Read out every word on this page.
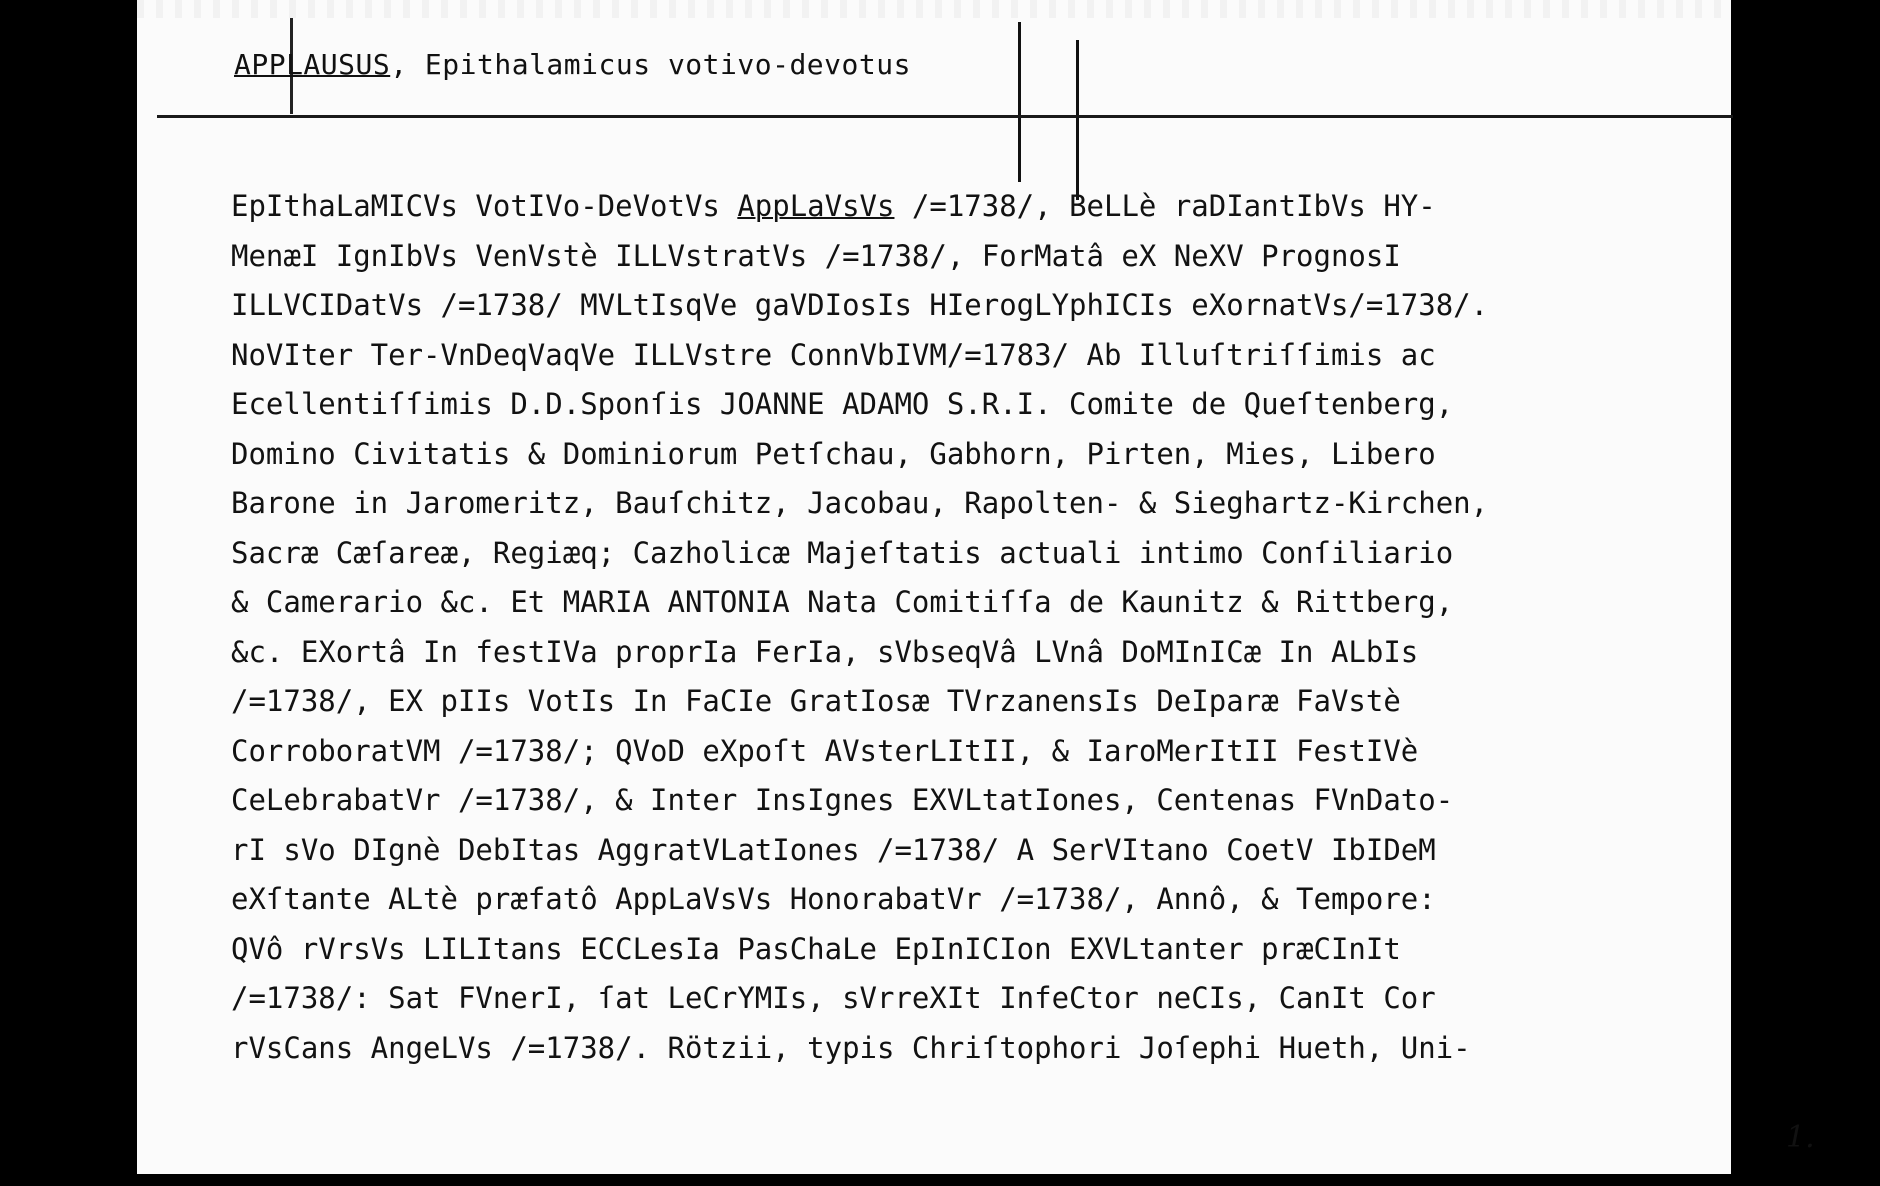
APPLAUSUS, Epithalamicus votivo-devotus
EpIthaLaMICVs VotIVo-DeVotVs AppLaVsVs /=1738/, BeLLè raDIantIbVs HY-
MenæI IgnIbVs VenVstè ILLVstratVs /=1738/, ForMatâ eX NeXV PrognosI
ILLVCIDatVs /=1738/ MVLtIsqVe gaVDIosIs HIerogLYphICIs eXornatVs/=1738/.
NoVIter Ter-VnDeqVaqVe ILLVstre ConnVbIVM/=1783/ Ab Illuſtriſſimis ac
Ecellentiſſimis D.D.Sponſis JOANNE ADAMO S.R.I. Comite de Queſtenberg,
Domino Civitatis & Dominiorum Petſchau, Gabhorn, Pirten, Mies, Libero
Barone in Jaromeritz, Bauſchitz, Jacobau, Rapolten- & Sieghartz-Kirchen,
Sacræ Cæſareæ, Regiæq; Cazholicæ Majeſtatis actuali intimo Conſiliario
& Camerario &c. Et MARIA ANTONIA Nata Comitiſſa de Kaunitz & Rittberg,
&c. EXortâ In festIVa proprIa FerIa, sVbseqVâ LVnâ DoMInICæ In ALbIs
/=1738/, EX pIIs VotIs In FaCIe GratIosæ TVrzanensIs DeIparæ FaVstè
CorroboratVM /=1738/; QVoD eXpoſt AVsterLItII, & IaroMerItII FestIVè
CeLebrabatVr /=1738/, & Inter InsIgnes EXVLtatIones, Centenas FVnDato-
rI sVo DIgnè DebItas AggratVLatIones /=1738/ A SerVItano CoetV IbIDeM
eXſtante ALtè præfatô AppLaVsVs HonorabatVr /=1738/, Annô, & Tempore:
QVô rVrsVs LILItans ECCLesIa PasChaLe EpInICIon EXVLtanter præCInIt
/=1738/: Sat FVnerI, ſat LeCrYMIs, sVrreXIt InfeCtor neCIs, CanIt Cor
rVsCans AngeLVs /=1738/. Rötzii, typis Chriſtophori Joſephi Hueth, Uni-
1.
